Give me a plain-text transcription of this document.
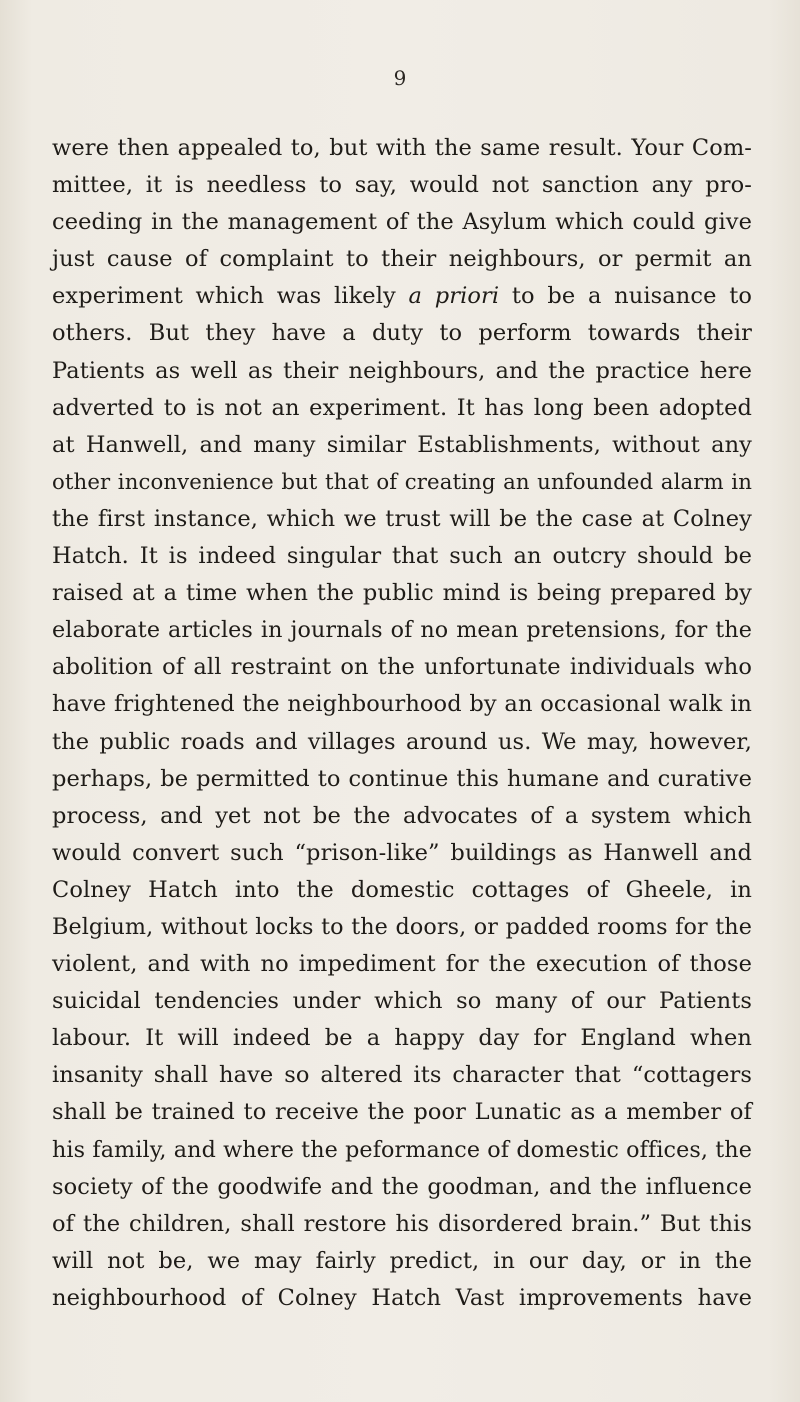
9
were then appealed to, but with the same result. Your Com-
mittee, it is needless to say, would not sanction any pro-
ceeding in the management of the Asylum which could give
just cause of complaint to their neighbours, or permit an
experiment which was likely a priori to be a nuisance to
others. But they have a duty to perform towards their
Patients as well as their neighbours, and the practice here
adverted to is not an experiment. It has long been adopted
at Hanwell, and many similar Establishments, without any
other inconvenience but that of creating an unfounded alarm in
the first instance, which we trust will be the case at Colney
Hatch. It is indeed singular that such an outcry should be
raised at a time when the public mind is being prepared by
elaborate articles in journals of no mean pretensions, for the
abolition of all restraint on the unfortunate individuals who
have frightened the neighbourhood by an occasional walk in
the public roads and villages around us. We may, however,
perhaps, be permitted to continue this humane and curative
process, and yet not be the advocates of a system which
would convert such “prison-like” buildings as Hanwell and
Colney Hatch into the domestic cottages of Gheele, in
Belgium, without locks to the doors, or padded rooms for the
violent, and with no impediment for the execution of those
suicidal tendencies under which so many of our Patients
labour. It will indeed be a happy day for England when
insanity shall have so altered its character that “cottagers
shall be trained to receive the poor Lunatic as a member of
his family, and where the peformance of domestic offices, the
society of the goodwife and the goodman, and the influence
of the children, shall restore his disordered brain.” But this
will not be, we may fairly predict, in our day, or in the
neighbourhood of Colney Hatch Vast improvements have
